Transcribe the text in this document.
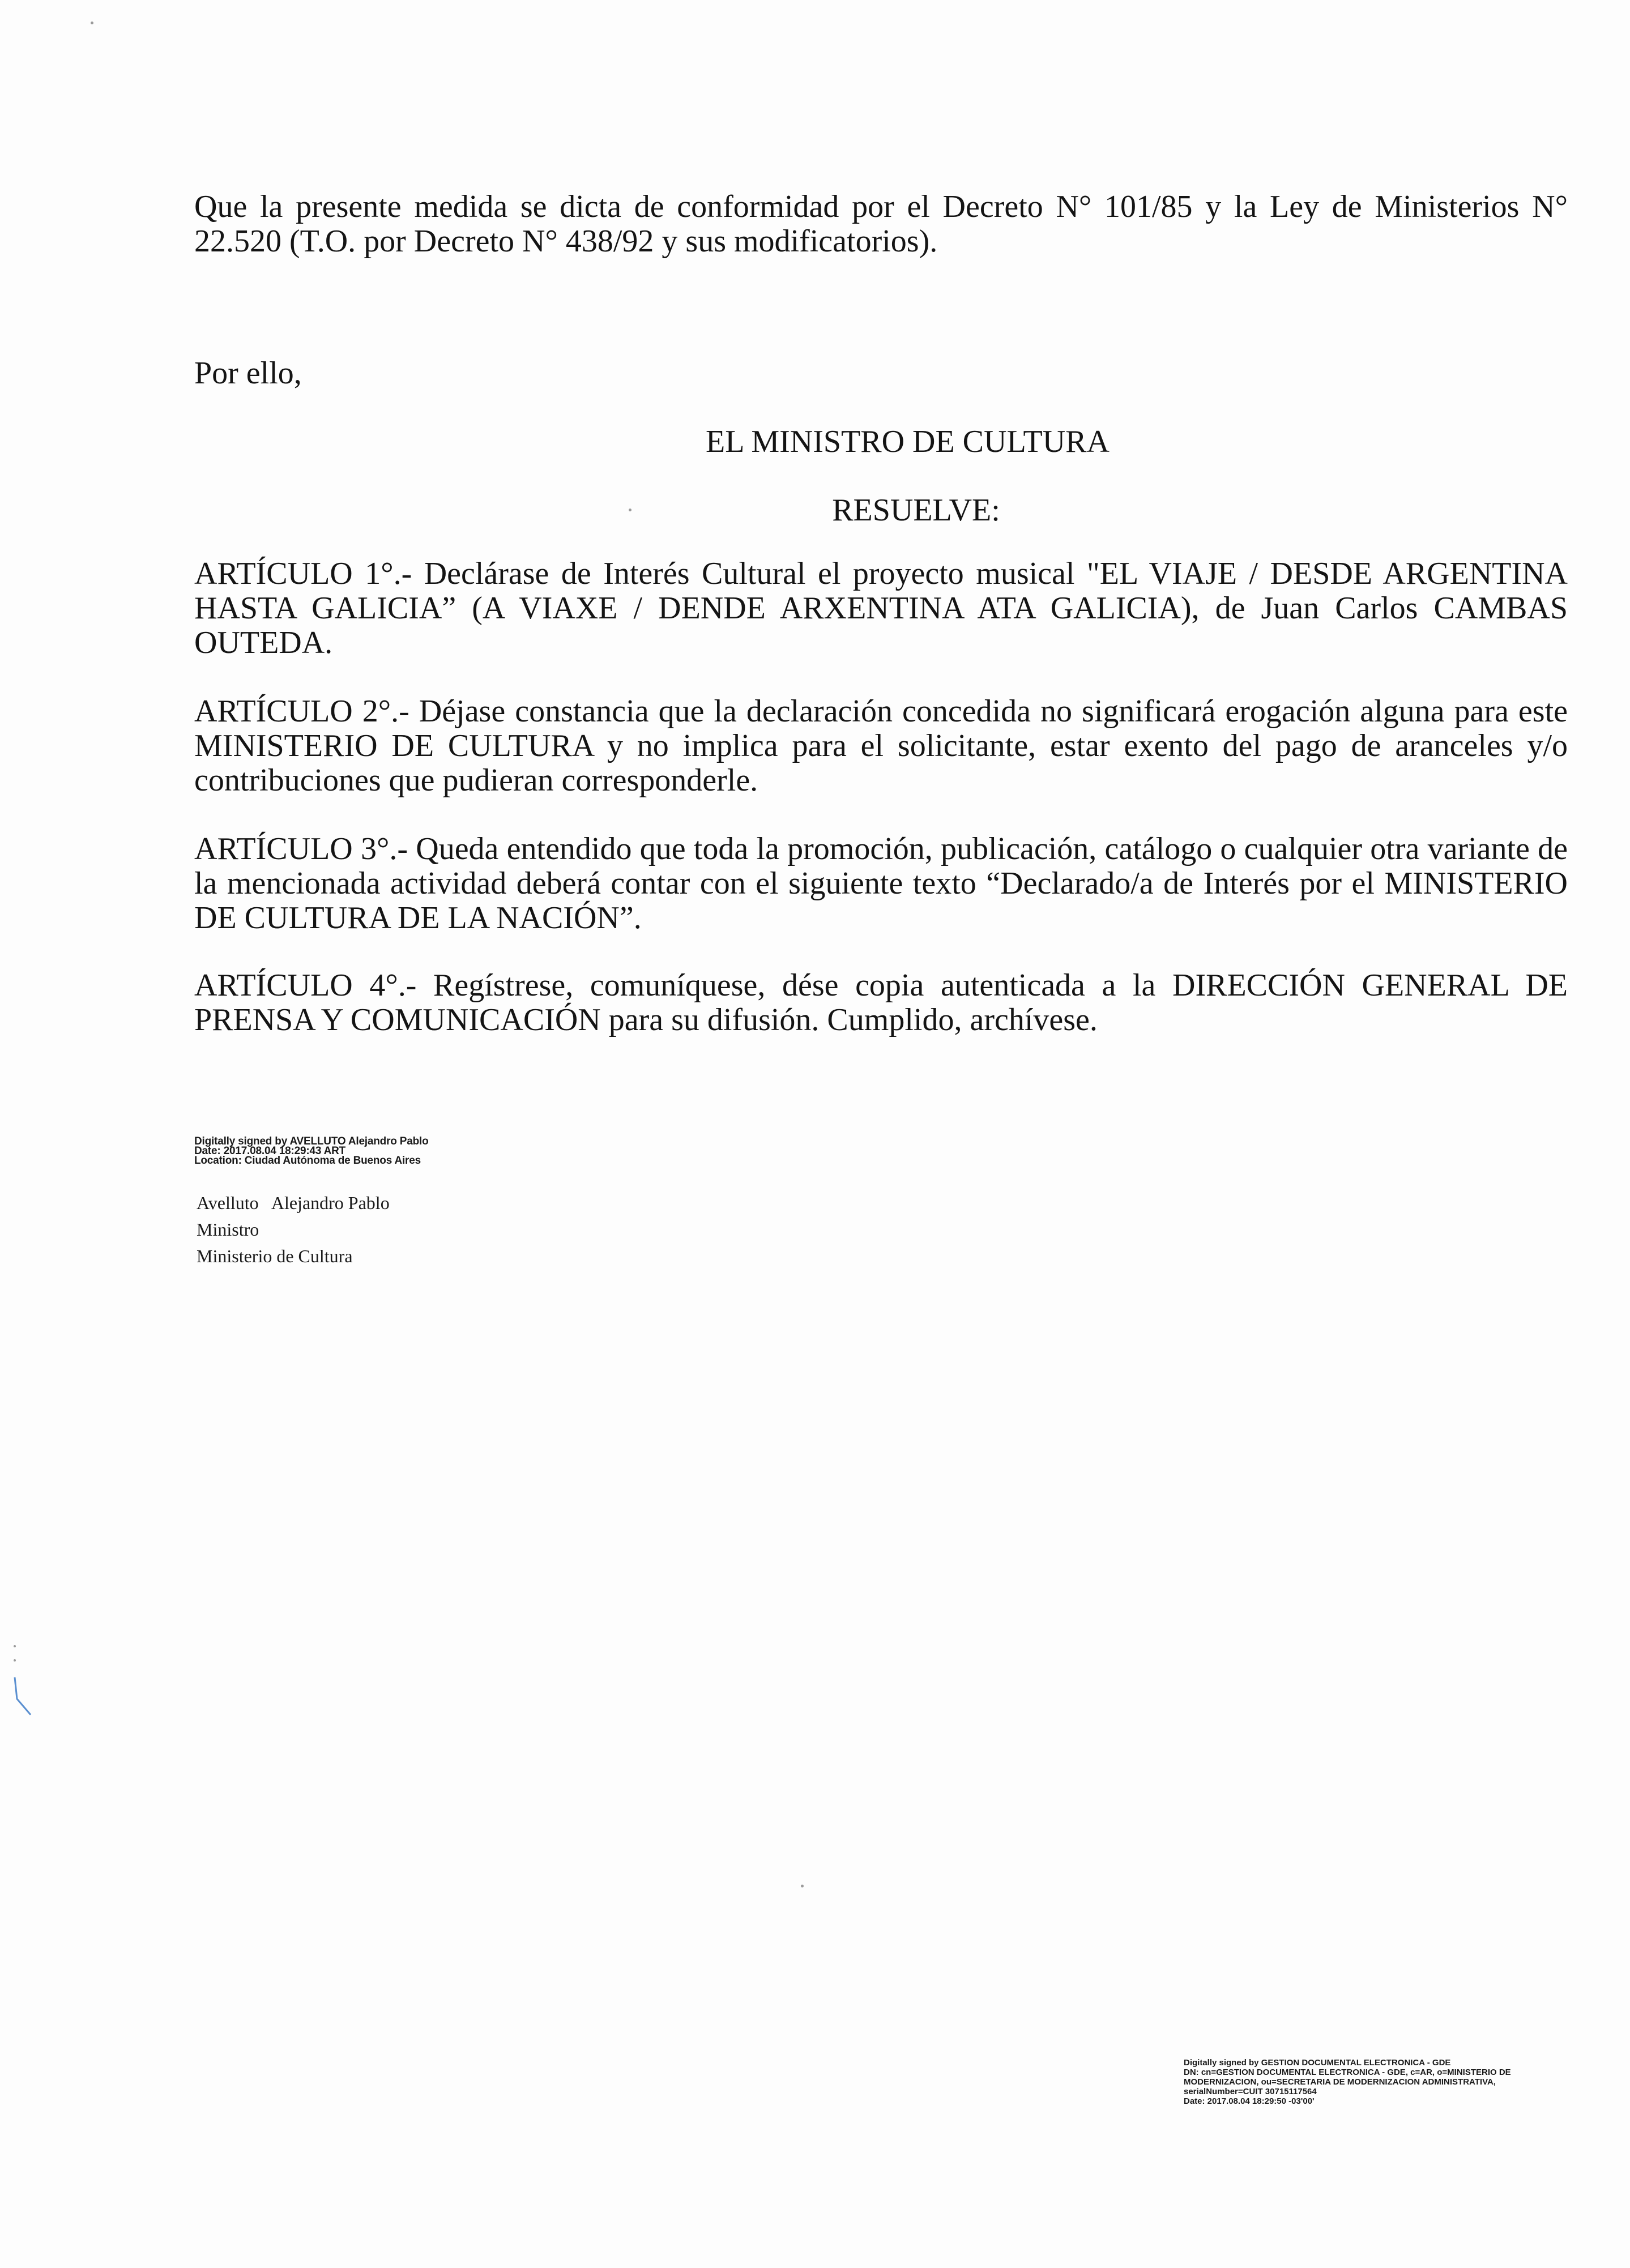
Que la presente medida se dicta de conformidad por el Decreto N° 101/85 y la Ley de Ministerios N° 22.520 (T.O. por Decreto N° 438/92 y sus modificatorios).

Por ello,

EL MINISTRO DE CULTURA

RESUELVE:

ARTÍCULO 1°.- Declárase de Interés Cultural el proyecto musical "EL VIAJE / DESDE ARGENTINA HASTA GALICIA” (A VIAXE / DENDE ARXENTINA ATA GALICIA), de Juan Carlos CAMBAS OUTEDA.

ARTÍCULO 2°.- Déjase constancia que la declaración concedida no significará erogación alguna para este MINISTERIO DE CULTURA y no implica para el solicitante, estar exento del pago de aranceles y/o contribuciones que pudieran corresponderle.

ARTÍCULO 3°.- Queda entendido que toda la promoción, publicación, catálogo o cualquier otra variante de la mencionada actividad deberá contar con el siguiente texto “Declarado/a de Interés por el MINISTERIO DE CULTURA DE LA NACIÓN”.

ARTÍCULO 4°.- Regístrese, comuníquese, dése copia autenticada a la DIRECCIÓN GENERAL DE PRENSA Y COMUNICACIÓN para su difusión. Cumplido, archívese.

Digitally signed by AVELLUTO Alejandro Pablo
Date: 2017.08.04 18:29:43 ART
Location: Ciudad Autónoma de Buenos Aires
Avelluto   Alejandro Pablo
Ministro
Ministerio de Cultura
Digitally signed by GESTION DOCUMENTAL ELECTRONICA - GDE
DN: cn=GESTION DOCUMENTAL ELECTRONICA - GDE, c=AR, o=MINISTERIO DE MODERNIZACION, ou=SECRETARIA DE MODERNIZACION ADMINISTRATIVA, serialNumber=CUIT 30715117564
Date: 2017.08.04 18:29:50 -03'00'
